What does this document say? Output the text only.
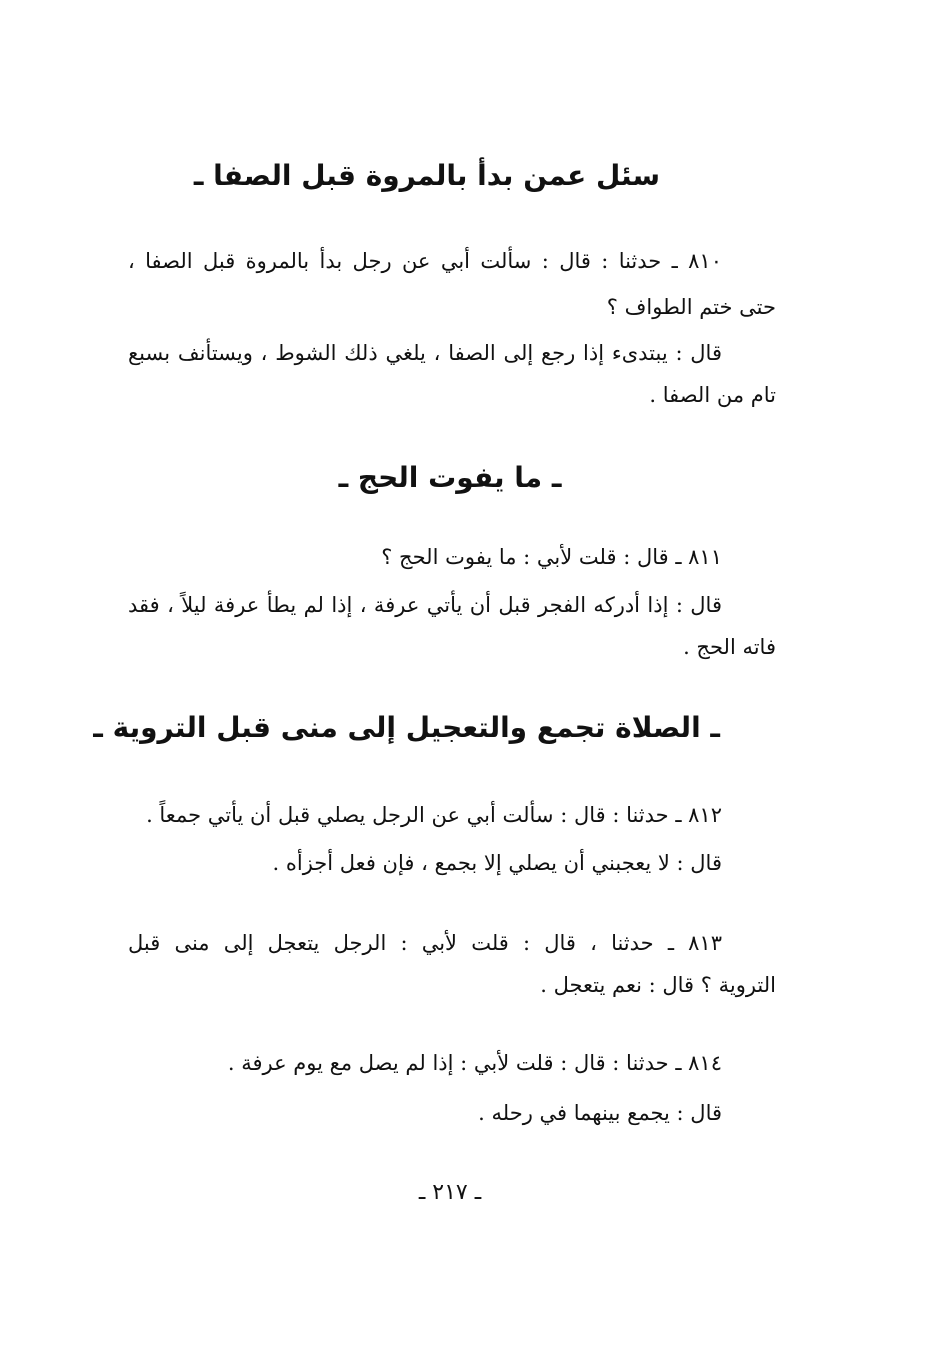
سئل عمن بدأ بالمروة قبل الصفا ـ
٨١٠ ـ حدثنا : قال : سألت أبي عن رجل بدأ بالمروة قبل الصفا ،
حتى ختم الطواف ؟
قال : يبتدىء إذا رجع إلى الصفا ، يلغي ذلك الشوط ، ويستأنف بسبع
تام من الصفا .
ـ ما يفوت الحج ـ
٨١١ ـ قال : قلت لأبي : ما يفوت الحج ؟
قال : إذا أدركه الفجر قبل أن يأتي عرفة ، إذا لم يطأ عرفة ليلاً ، فقد
فاته الحج .
ـ الصلاة تجمع والتعجيل إلى منى قبل التروية ـ
٨١٢ ـ حدثنا : قال : سألت أبي عن الرجل يصلي قبل أن يأتي جمعاً .
قال : لا يعجبني أن يصلي إلا بجمع ، فإن فعل أجزأه .
٨١٣ ـ حدثنا ، قال : قلت لأبي : الرجل يتعجل إلى منى قبل
التروية ؟ قال : نعم يتعجل .
٨١٤ ـ حدثنا : قال : قلت لأبي : إذا لم يصل مع يوم عرفة .
قال : يجمع بينهما في رحله .
ـ ٢١٧ ـ
